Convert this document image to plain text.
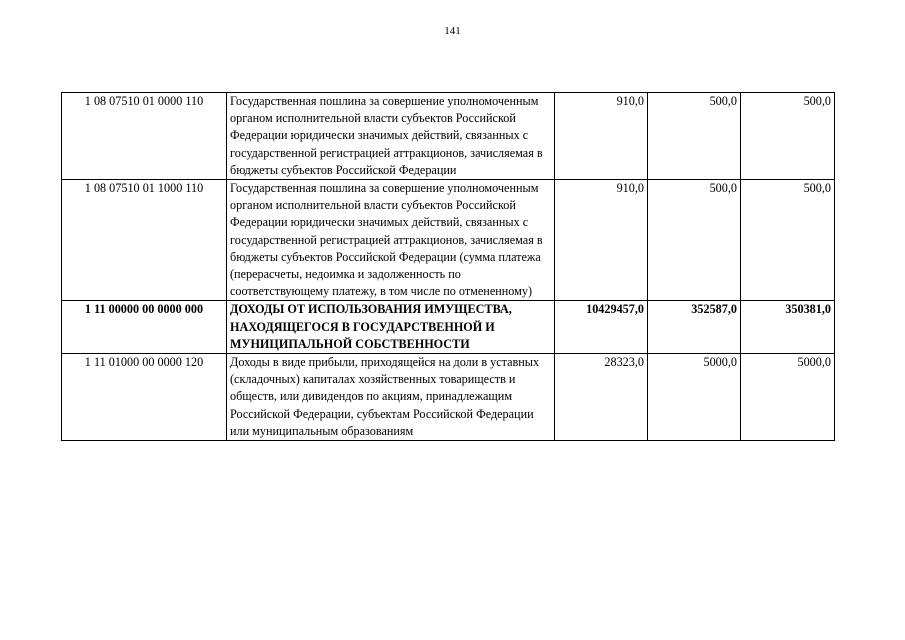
141
1 08 07510 01 0000 110	Государственная пошлина за совершение уполномоченным органом исполнительной власти субъектов Российской Федерации юридически значимых действий, связанных с государственной регистрацией аттракционов, зачисляемая в бюджеты субъектов Российской Федерации	910,0	500,0	500,0
1 08 07510 01 1000 110	Государственная пошлина за совершение уполномоченным органом исполнительной власти субъектов Российской Федерации юридически значимых действий, связанных с государственной регистрацией аттракционов, зачисляемая в бюджеты субъектов Российской Федерации (сумма платежа (перерасчеты, недоимка и задолженность по соответствующему платежу, в том числе по отмененному)	910,0	500,0	500,0
1 11 00000 00 0000 000	ДОХОДЫ ОТ ИСПОЛЬЗОВАНИЯ ИМУЩЕСТВА, НАХОДЯЩЕГОСЯ В ГОСУДАРСТВЕННОЙ И МУНИЦИПАЛЬНОЙ СОБСТВЕННОСТИ	10429457,0	352587,0	350381,0
1 11 01000 00 0000 120	Доходы в виде прибыли, приходящейся на доли в уставных (складочных) капиталах хозяйственных товариществ и обществ, или дивидендов по акциям, принадлежащим Российской Федерации, субъектам Российской Федерации или муниципальным образованиям	28323,0	5000,0	5000,0
